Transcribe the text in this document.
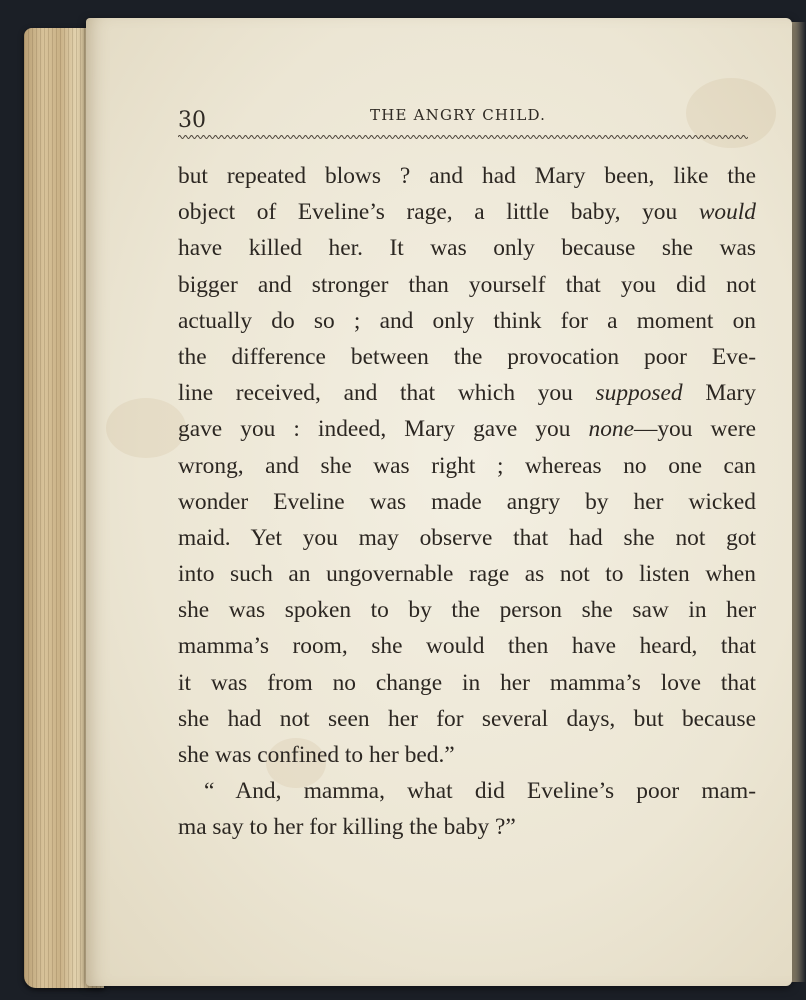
30	THE ANGRY CHILD.
but repeated blows ? and had Mary been, like the
object of Eveline’s rage, a little baby, you would
have killed her. It was only because she was
bigger and stronger than yourself that you did not
actually do so ; and only think for a moment on
the difference between the provocation poor Eve-
line received, and that which you supposed Mary
gave you : indeed, Mary gave you none—you were
wrong, and she was right ; whereas no one can
wonder Eveline was made angry by her wicked
maid. Yet you may observe that had she not got
into such an ungovernable rage as not to listen when
she was spoken to by the person she saw in her
mamma’s room, she would then have heard, that
it was from no change in her mamma’s love that
she had not seen her for several days, but because
she was confined to her bed.”
“ And, mamma, what did Eveline’s poor mam-
ma say to her for killing the baby ?”
